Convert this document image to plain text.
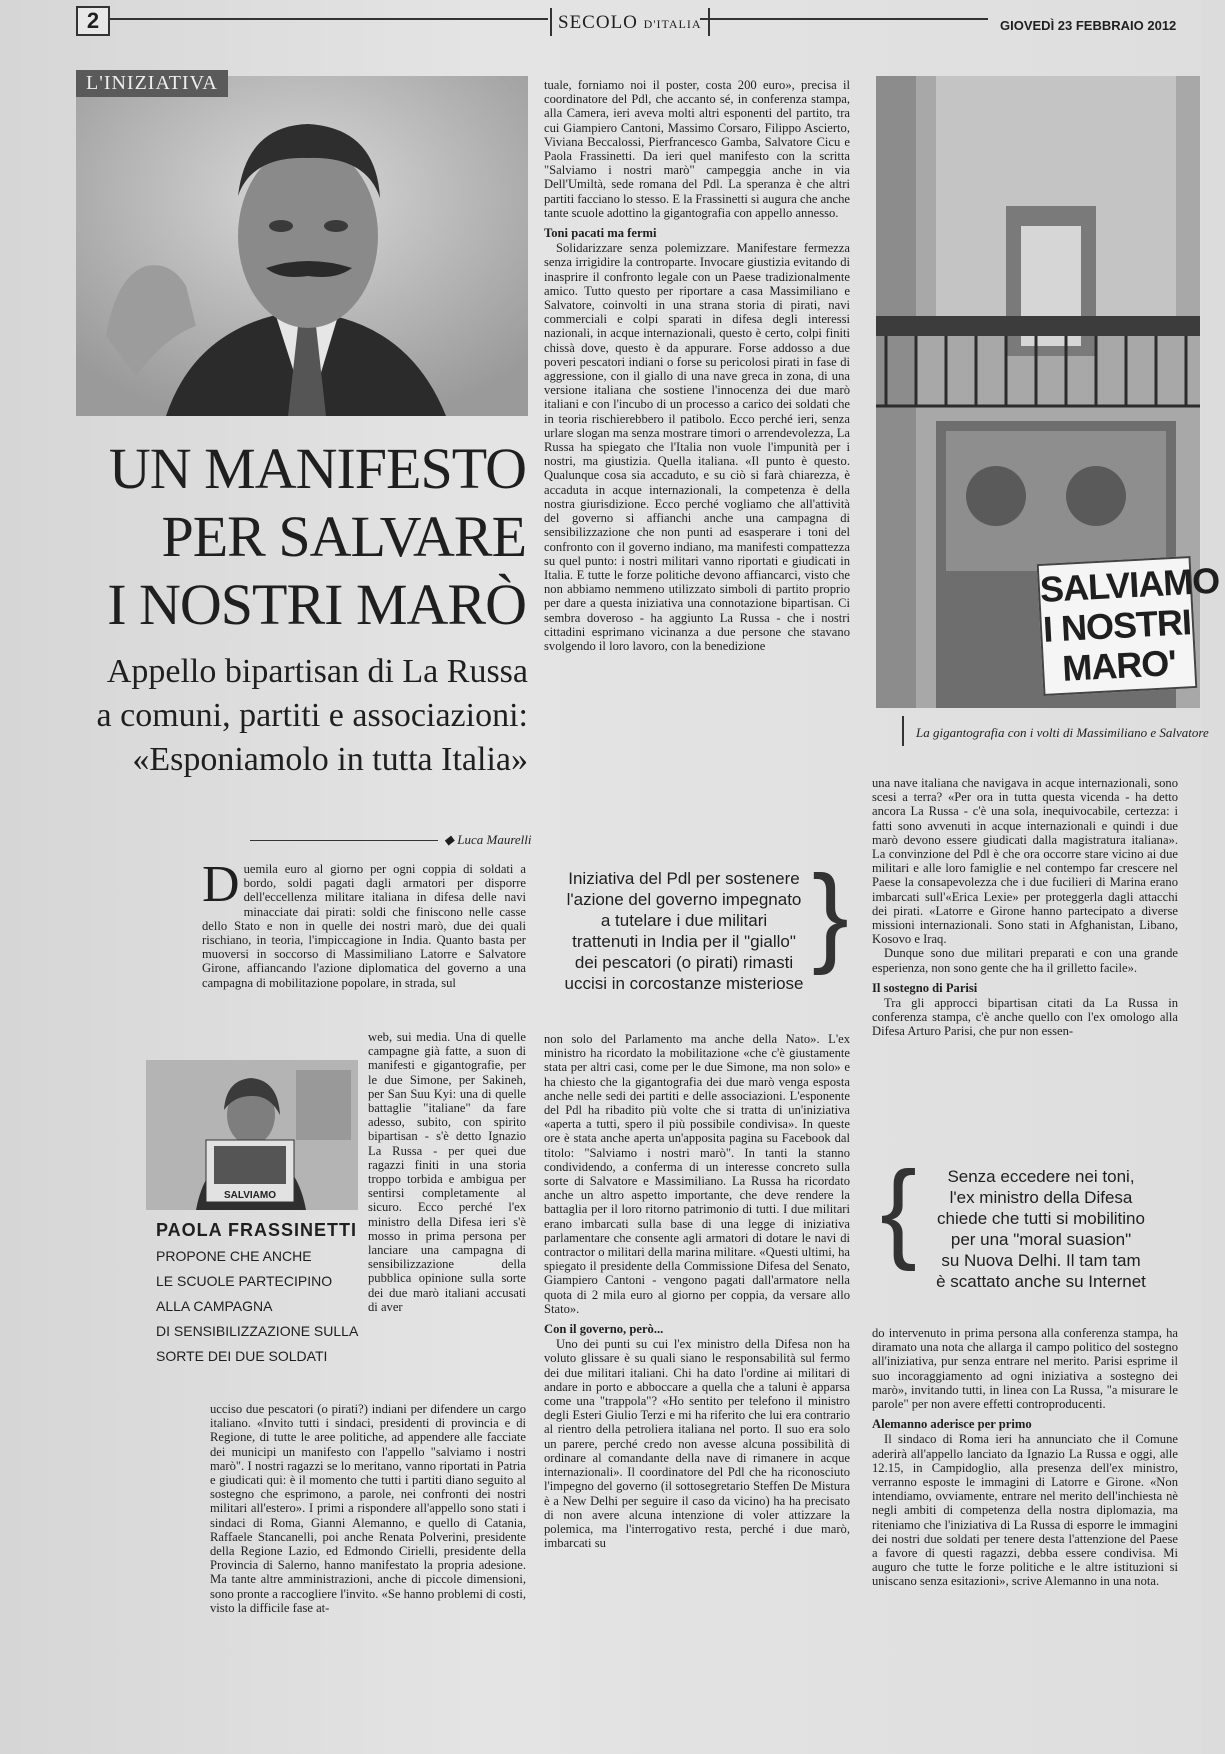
2	SECOLO D'ITALIA	GIOVEDÌ 23 FEBBRAIO 2012
L'INIZIATIVA
UN MANIFESTO
PER SALVARE
I NOSTRI MARÒ
Appello bipartisan di La Russa
a comuni, partiti e associazioni:
«Esponiamolo in tutta Italia»
◆ Luca Maurelli

Duemila euro al giorno per ogni coppia di soldati a bordo, soldi pagati dagli armatori per disporre dell'eccellenza militare italiana in difesa delle navi minacciate dai pirati: soldi che finiscono nelle casse dello Stato e non in quelle dei nostri marò, due dei quali rischiano, in teoria, l'impiccagione in India. Quanto basta per muoversi in soccorso di Massimiliano Latorre e Salvatore Girone, affiancando l'azione diplomatica del governo a una campagna di mobilitazione popolare, in strada, sul

web, sui media. Una di quelle campagne già fatte, a suon di manifesti e gigantografie, per le due Simone, per Sakineh, per San Suu Kyi: una di quelle battaglie "italiane" da fare adesso, subito, con spirito bipartisan - s'è detto Ignazio La Russa - per quei due ragazzi finiti in una storia troppo torbida e ambigua per sentirsi completamente al sicuro. Ecco perché l'ex ministro della Difesa ieri s'è mosso in prima persona per lanciare una campagna di sensibilizzazione della pubblica opinione sulla sorte dei due marò italiani accusati di aver

ucciso due pescatori (o pirati?) indiani per difendere un cargo italiano. «Invito tutti i sindaci, presidenti di provincia e di Regione, di tutte le aree politiche, ad appendere alle facciate dei municipi un manifesto con l'appello "salviamo i nostri marò". I nostri ragazzi se lo meritano, vanno riportati in Patria e giudicati qui: è il momento che tutti i partiti diano seguito al sostegno che esprimono, a parole, nei confronti dei nostri militari all'estero». I primi a rispondere all'appello sono stati i sindaci di Roma, Gianni Alemanno, e quello di Catania, Raffaele Stancanelli, poi anche Renata Polverini, presidente della Regione Lazio, ed Edmondo Cirielli, presidente della Provincia di Salerno, hanno manifestato la propria adesione. Ma tante altre amministrazioni, anche di piccole dimensioni, sono pronte a raccogliere l'invito. «Se hanno problemi di costi, visto la difficile fase at-

SALVIAMO
PAOLA FRASSINETTI
PROPONE CHE ANCHE
LE SCUOLE PARTECIPINO
ALLA CAMPAGNA
DI SENSIBILIZZAZIONE SULLA
SORTE DEI DUE SOLDATI

tuale, forniamo noi il poster, costa 200 euro», precisa il coordinatore del Pdl, che accanto sé, in conferenza stampa, alla Camera, ieri aveva molti altri esponenti del partito, tra cui Giampiero Cantoni, Massimo Corsaro, Filippo Ascierto, Viviana Beccalossi, Pierfrancesco Gamba, Salvatore Cicu e Paola Frassinetti. Da ieri quel manifesto con la scritta "Salviamo i nostri marò" campeggia anche in via Dell'Umiltà, sede romana del Pdl. La speranza è che altri partiti facciano lo stesso. E la Frassinetti si augura che anche tante scuole adottino la gigantografia con appello annesso.

Toni pacati ma fermi

Solidarizzare senza polemizzare. Manifestare fermezza senza irrigidire la controparte. Invocare giustizia evitando di inasprire il confronto legale con un Paese tradizionalmente amico. Tutto questo per riportare a casa Massimiliano e Salvatore, coinvolti in una strana storia di pirati, navi commerciali e colpi sparati in difesa degli interessi nazionali, in acque internazionali, questo è certo, colpi finiti chissà dove, questo è da appurare. Forse addosso a due poveri pescatori indiani o forse su pericolosi pirati in fase di aggressione, con il giallo di una nave greca in zona, di una versione italiana che sostiene l'innocenza dei due marò italiani e con l'incubo di un processo a carico dei soldati che in teoria rischierebbero il patibolo. Ecco perché ieri, senza urlare slogan ma senza mostrare timori o arrendevolezza, La Russa ha spiegato che l'Italia non vuole l'impunità per i nostri, ma giustizia. Quella italiana. «Il punto è questo. Qualunque cosa sia accaduto, e su ciò si farà chiarezza, è accaduta in acque internazionali, la competenza è della nostra giurisdizione. Ecco perché vogliamo che all'attività del governo si affianchi anche una campagna di sensibilizzazione che non punti ad esasperare i toni del confronto con il governo indiano, ma manifesti compattezza su quel punto: i nostri militari vanno riportati e giudicati in Italia. E tutte le forze politiche devono affiancarci, visto che non abbiamo nemmeno utilizzato simboli di partito proprio per dare a questa iniziativa una connotazione bipartisan. Ci sembra doveroso - ha aggiunto La Russa - che i nostri cittadini esprimano vicinanza a due persone che stavano svolgendo il loro lavoro, con la benedizione

Iniziativa del Pdl per sostenere
l'azione del governo impegnato
a tutelare i due militari
trattenuti in India per il "giallo"
dei pescatori (o pirati) rimasti
uccisi in corcostanze misteriose
}

non solo del Parlamento ma anche della Nato». L'ex ministro ha ricordato la mobilitazione «che c'è giustamente stata per altri casi, come per le due Simone, ma non solo» e ha chiesto che la gigantografia dei due marò venga esposta anche nelle sedi dei partiti e delle associazioni. L'esponente del Pdl ha ribadito più volte che si tratta di un'iniziativa «aperta a tutti, spero il più possibile condivisa». In queste ore è stata anche aperta un'apposita pagina su Facebook dal titolo: "Salviamo i nostri marò". In tanti la stanno condividendo, a conferma di un interesse concreto sulla sorte di Salvatore e Massimiliano. La Russa ha ricordato anche un altro aspetto importante, che deve rendere la battaglia per il loro ritorno patrimonio di tutti. I due militari erano imbarcati sulla base di una legge di iniziativa parlamentare che consente agli armatori di dotare le navi di contractor o militari della marina militare. «Questi ultimi, ha spiegato il presidente della Commissione Difesa del Senato, Giampiero Cantoni - vengono pagati dall'armatore nella quota di 2 mila euro al giorno per coppia, da versare allo Stato».

Con il governo, però...

Uno dei punti su cui l'ex ministro della Difesa non ha voluto glissare è su quali siano le responsabilità sul fermo dei due militari italiani. Chi ha dato l'ordine ai militari di andare in porto e abboccare a quella che a taluni è apparsa come una "trappola"? «Ho sentito per telefono il ministro degli Esteri Giulio Terzi e mi ha riferito che lui era contrario al rientro della petroliera italiana nel porto. Il suo era solo un parere, perché credo non avesse alcuna possibilità di ordinare al comandante della nave di rimanere in acque internazionali». Il coordinatore del Pdl che ha riconosciuto l'impegno del governo (il sottosegretario Steffen De Mistura è a New Delhi per seguire il caso da vicino) ha ha precisato di non avere alcuna intenzione di voler attizzare la polemica, ma l'interrogativo resta, perché i due marò, imbarcati su

SALVIAMO
I NOSTRI
MARO'
La gigantografia con i volti di Massimiliano e Salvatore

una nave italiana che navigava in acque internazionali, sono scesi a terra? «Per ora in tutta questa vicenda - ha detto ancora La Russa - c'è una sola, inequivocabile, certezza: i fatti sono avvenuti in acque internazionali e quindi i due marò devono essere giudicati dalla magistratura italiana». La convinzione del Pdl è che ora occorre stare vicino ai due militari e alle loro famiglie e nel contempo far crescere nel Paese la consapevolezza che i due fucilieri di Marina erano imbarcati sull'«Erica Lexie» per proteggerla dagli attacchi dei pirati. «Latorre e Girone hanno partecipato a diverse missioni internazionali. Sono stati in Afghanistan, Libano, Kosovo e Iraq.

Dunque sono due militari preparati e con una grande esperienza, non sono gente che ha il grilletto facile».

Il sostegno di Parisi

Tra gli approcci bipartisan citati da La Russa in conferenza stampa, c'è anche quello con l'ex omologo alla Difesa Arturo Parisi, che pur non essen-

Senza eccedere nei toni,
l'ex ministro della Difesa
chiede che tutti si mobilitino
per una "moral suasion"
su Nuova Delhi. Il tam tam
è scattato anche su Internet
}

do intervenuto in prima persona alla conferenza stampa, ha diramato una nota che allarga il campo politico del sostegno all'iniziativa, pur senza entrare nel merito. Parisi esprime il suo incoraggiamento ad ogni iniziativa a sostegno dei marò», invitando tutti, in linea con La Russa, "a misurare le parole" per non avere effetti controproducenti.

Alemanno aderisce per primo

Il sindaco di Roma ieri ha annunciato che il Comune aderirà all'appello lanciato da Ignazio La Russa e oggi, alle 12.15, in Campidoglio, alla presenza dell'ex ministro, verranno esposte le immagini di Latorre e Girone. «Non intendiamo, ovviamente, entrare nel merito dell'inchiesta nè negli ambiti di competenza della nostra diplomazia, ma riteniamo che l'iniziativa di La Russa di esporre le immagini dei nostri due soldati per tenere desta l'attenzione del Paese a favore di questi ragazzi, debba essere condivisa. Mi auguro che tutte le forze politiche e le altre istituzioni si uniscano senza esitazioni», scrive Alemanno in una nota.
